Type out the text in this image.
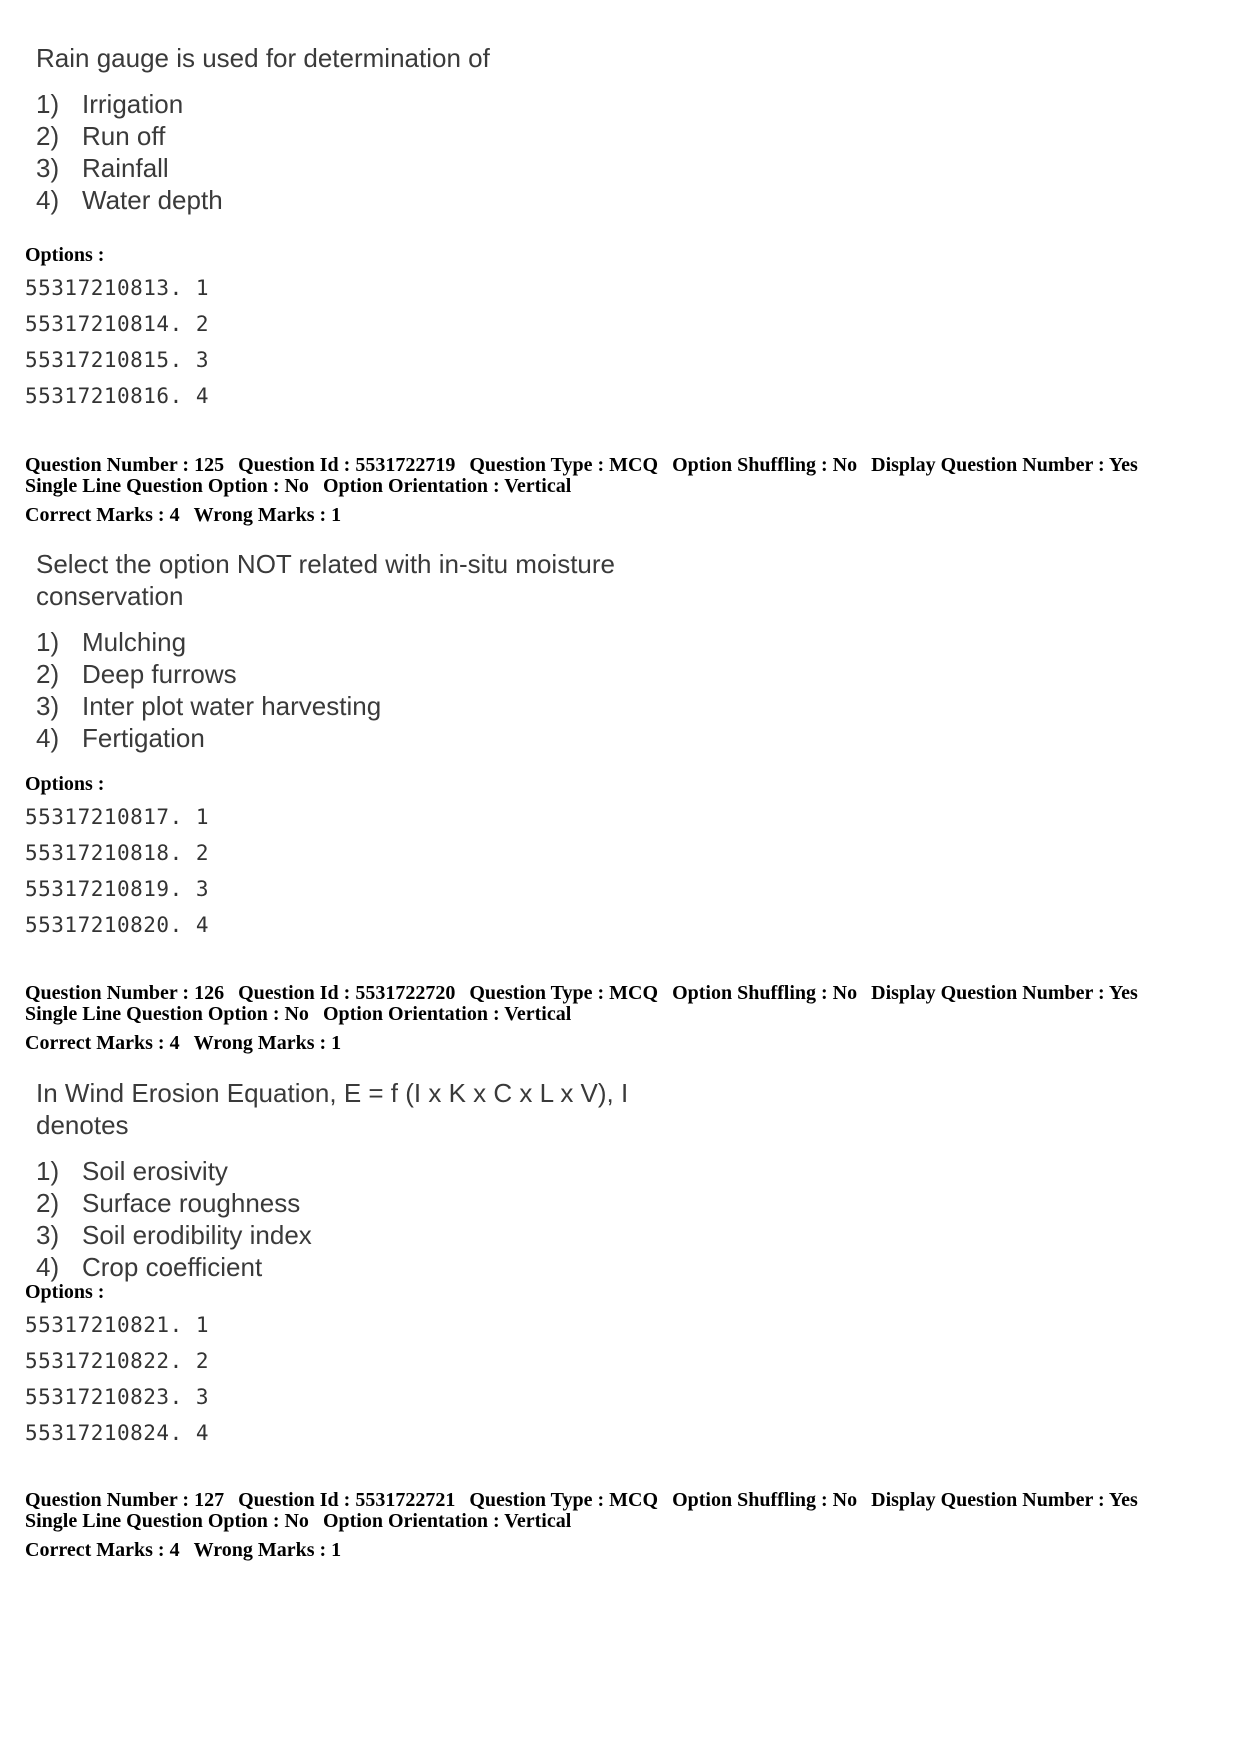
Rain gauge is used for determination of
1) Irrigation
2) Run off
3) Rainfall
4) Water depth
Options :
55317210813. 1
55317210814. 2
55317210815. 3
55317210816. 4
Question Number : 125 Question Id : 5531722719 Question Type : MCQ Option Shuffling : No Display Question Number : Yes
Single Line Question Option : No Option Orientation : Vertical
Correct Marks : 4 Wrong Marks : 1
Select the option NOT related with in-situ moisture
conservation
1) Mulching
2) Deep furrows
3) Inter plot water harvesting
4) Fertigation
Options :
55317210817. 1
55317210818. 2
55317210819. 3
55317210820. 4
Question Number : 126 Question Id : 5531722720 Question Type : MCQ Option Shuffling : No Display Question Number : Yes
Single Line Question Option : No Option Orientation : Vertical
Correct Marks : 4 Wrong Marks : 1
In Wind Erosion Equation, E = f (I x K x C x L x V), I denotes
1) Soil erosivity
2) Surface roughness
3) Soil erodibility index
4) Crop coefficient
Options :
55317210821. 1
55317210822. 2
55317210823. 3
55317210824. 4
Question Number : 127 Question Id : 5531722721 Question Type : MCQ Option Shuffling : No Display Question Number : Yes
Single Line Question Option : No Option Orientation : Vertical
Correct Marks : 4 Wrong Marks : 1
